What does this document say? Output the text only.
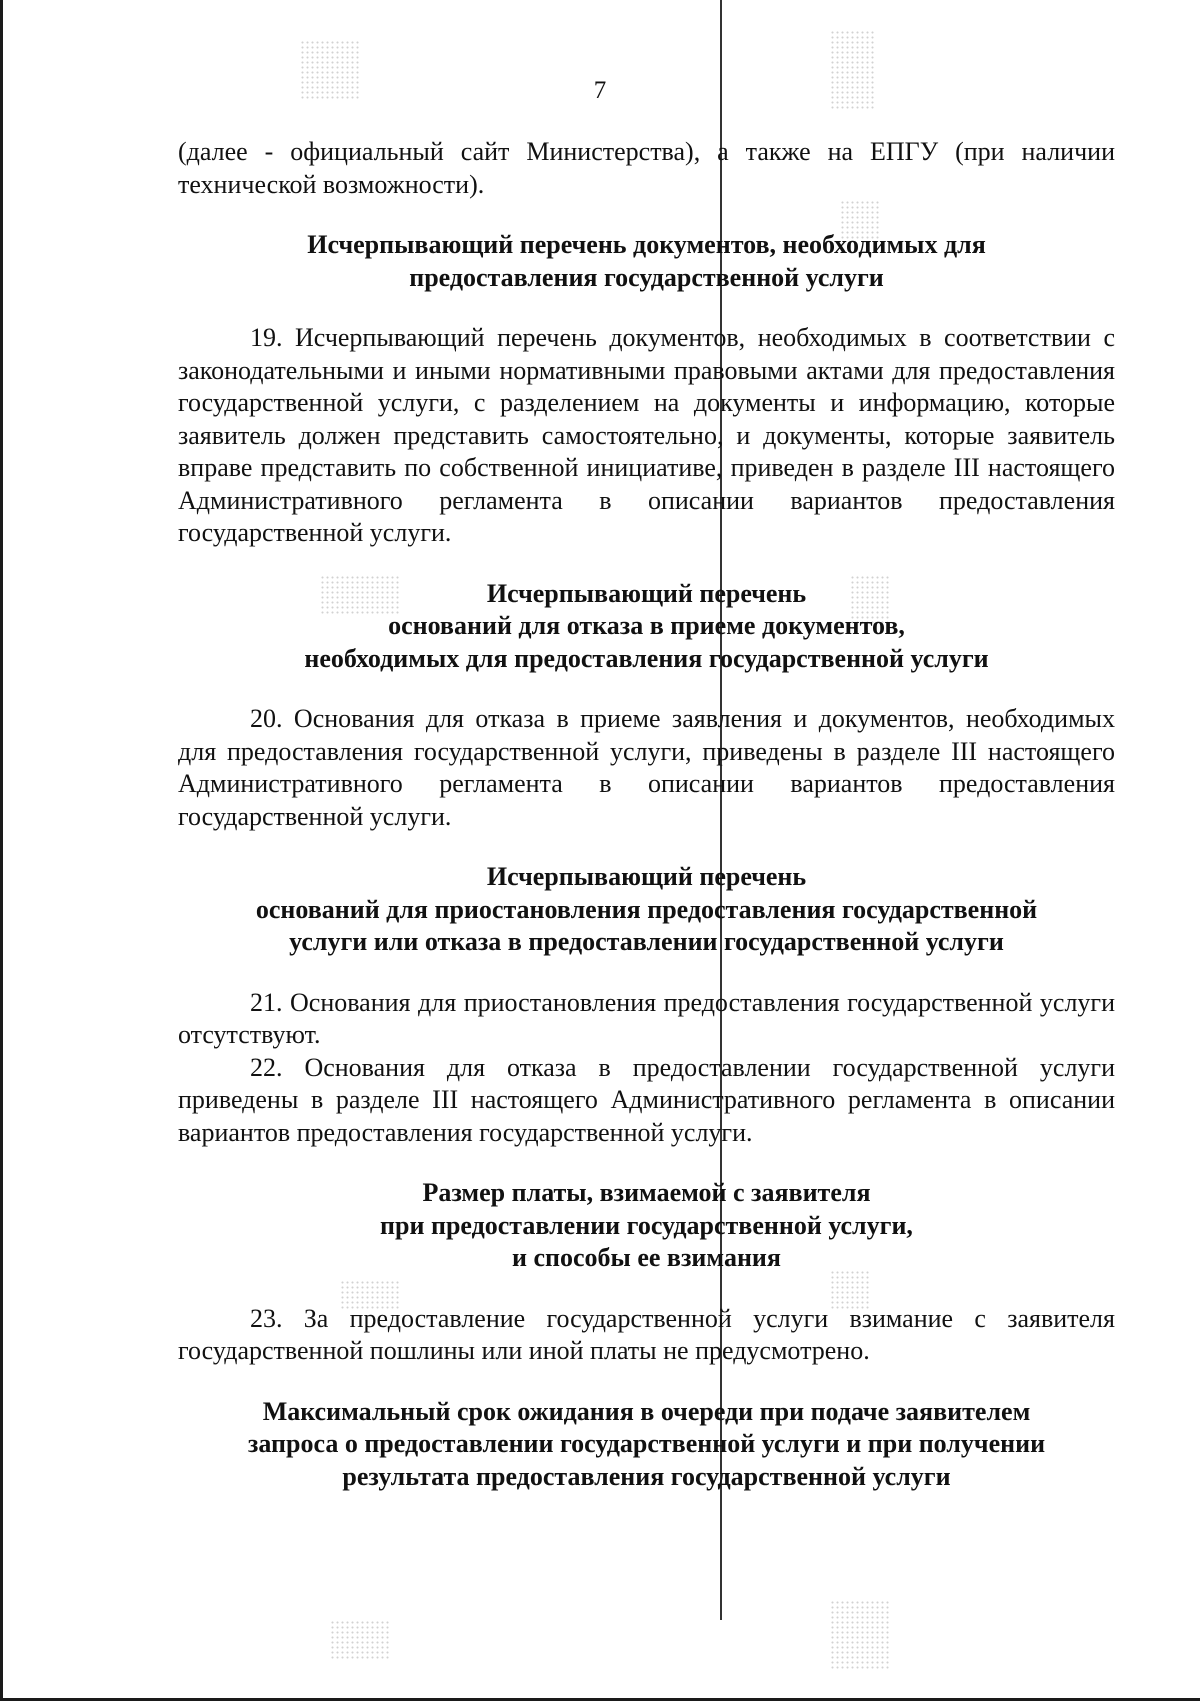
7

(далее - официальный сайт Министерства), а также на ЕПГУ (при наличии технической возможности).

Исчерпывающий перечень документов, необходимых для
предоставления государственной услуги

19. Исчерпывающий перечень документов, необходимых в соответствии с законодательными и иными нормативными правовыми актами для предоставления государственной услуги, с разделением на документы и информацию, которые заявитель должен представить самостоятельно, и документы, которые заявитель вправе представить по собственной инициативе, приведен в разделе III настоящего Административного регламента в описании вариантов предоставления государственной услуги.

Исчерпывающий перечень
оснований для отказа в приеме документов,
необходимых для предоставления государственной услуги

20. Основания для отказа в приеме заявления и документов, необходимых для предоставления государственной услуги, приведены в разделе III настоящего Административного регламента в описании вариантов предоставления государственной услуги.

Исчерпывающий перечень
оснований для приостановления предоставления государственной
услуги или отказа в предоставлении государственной услуги

21. Основания для приостановления предоставления государственной услуги отсутствуют.

22. Основания для отказа в предоставлении государственной услуги приведены в разделе III настоящего Административного регламента в описании вариантов предоставления государственной услуги.

Размер платы, взимаемой с заявителя
при предоставлении государственной услуги,
и способы ее взимания

23. За предоставление государственной услуги взимание с заявителя государственной пошлины или иной платы не предусмотрено.

Максимальный срок ожидания в очереди при подаче заявителем
запроса о предоставлении государственной услуги и при получении
результата предоставления государственной услуги
